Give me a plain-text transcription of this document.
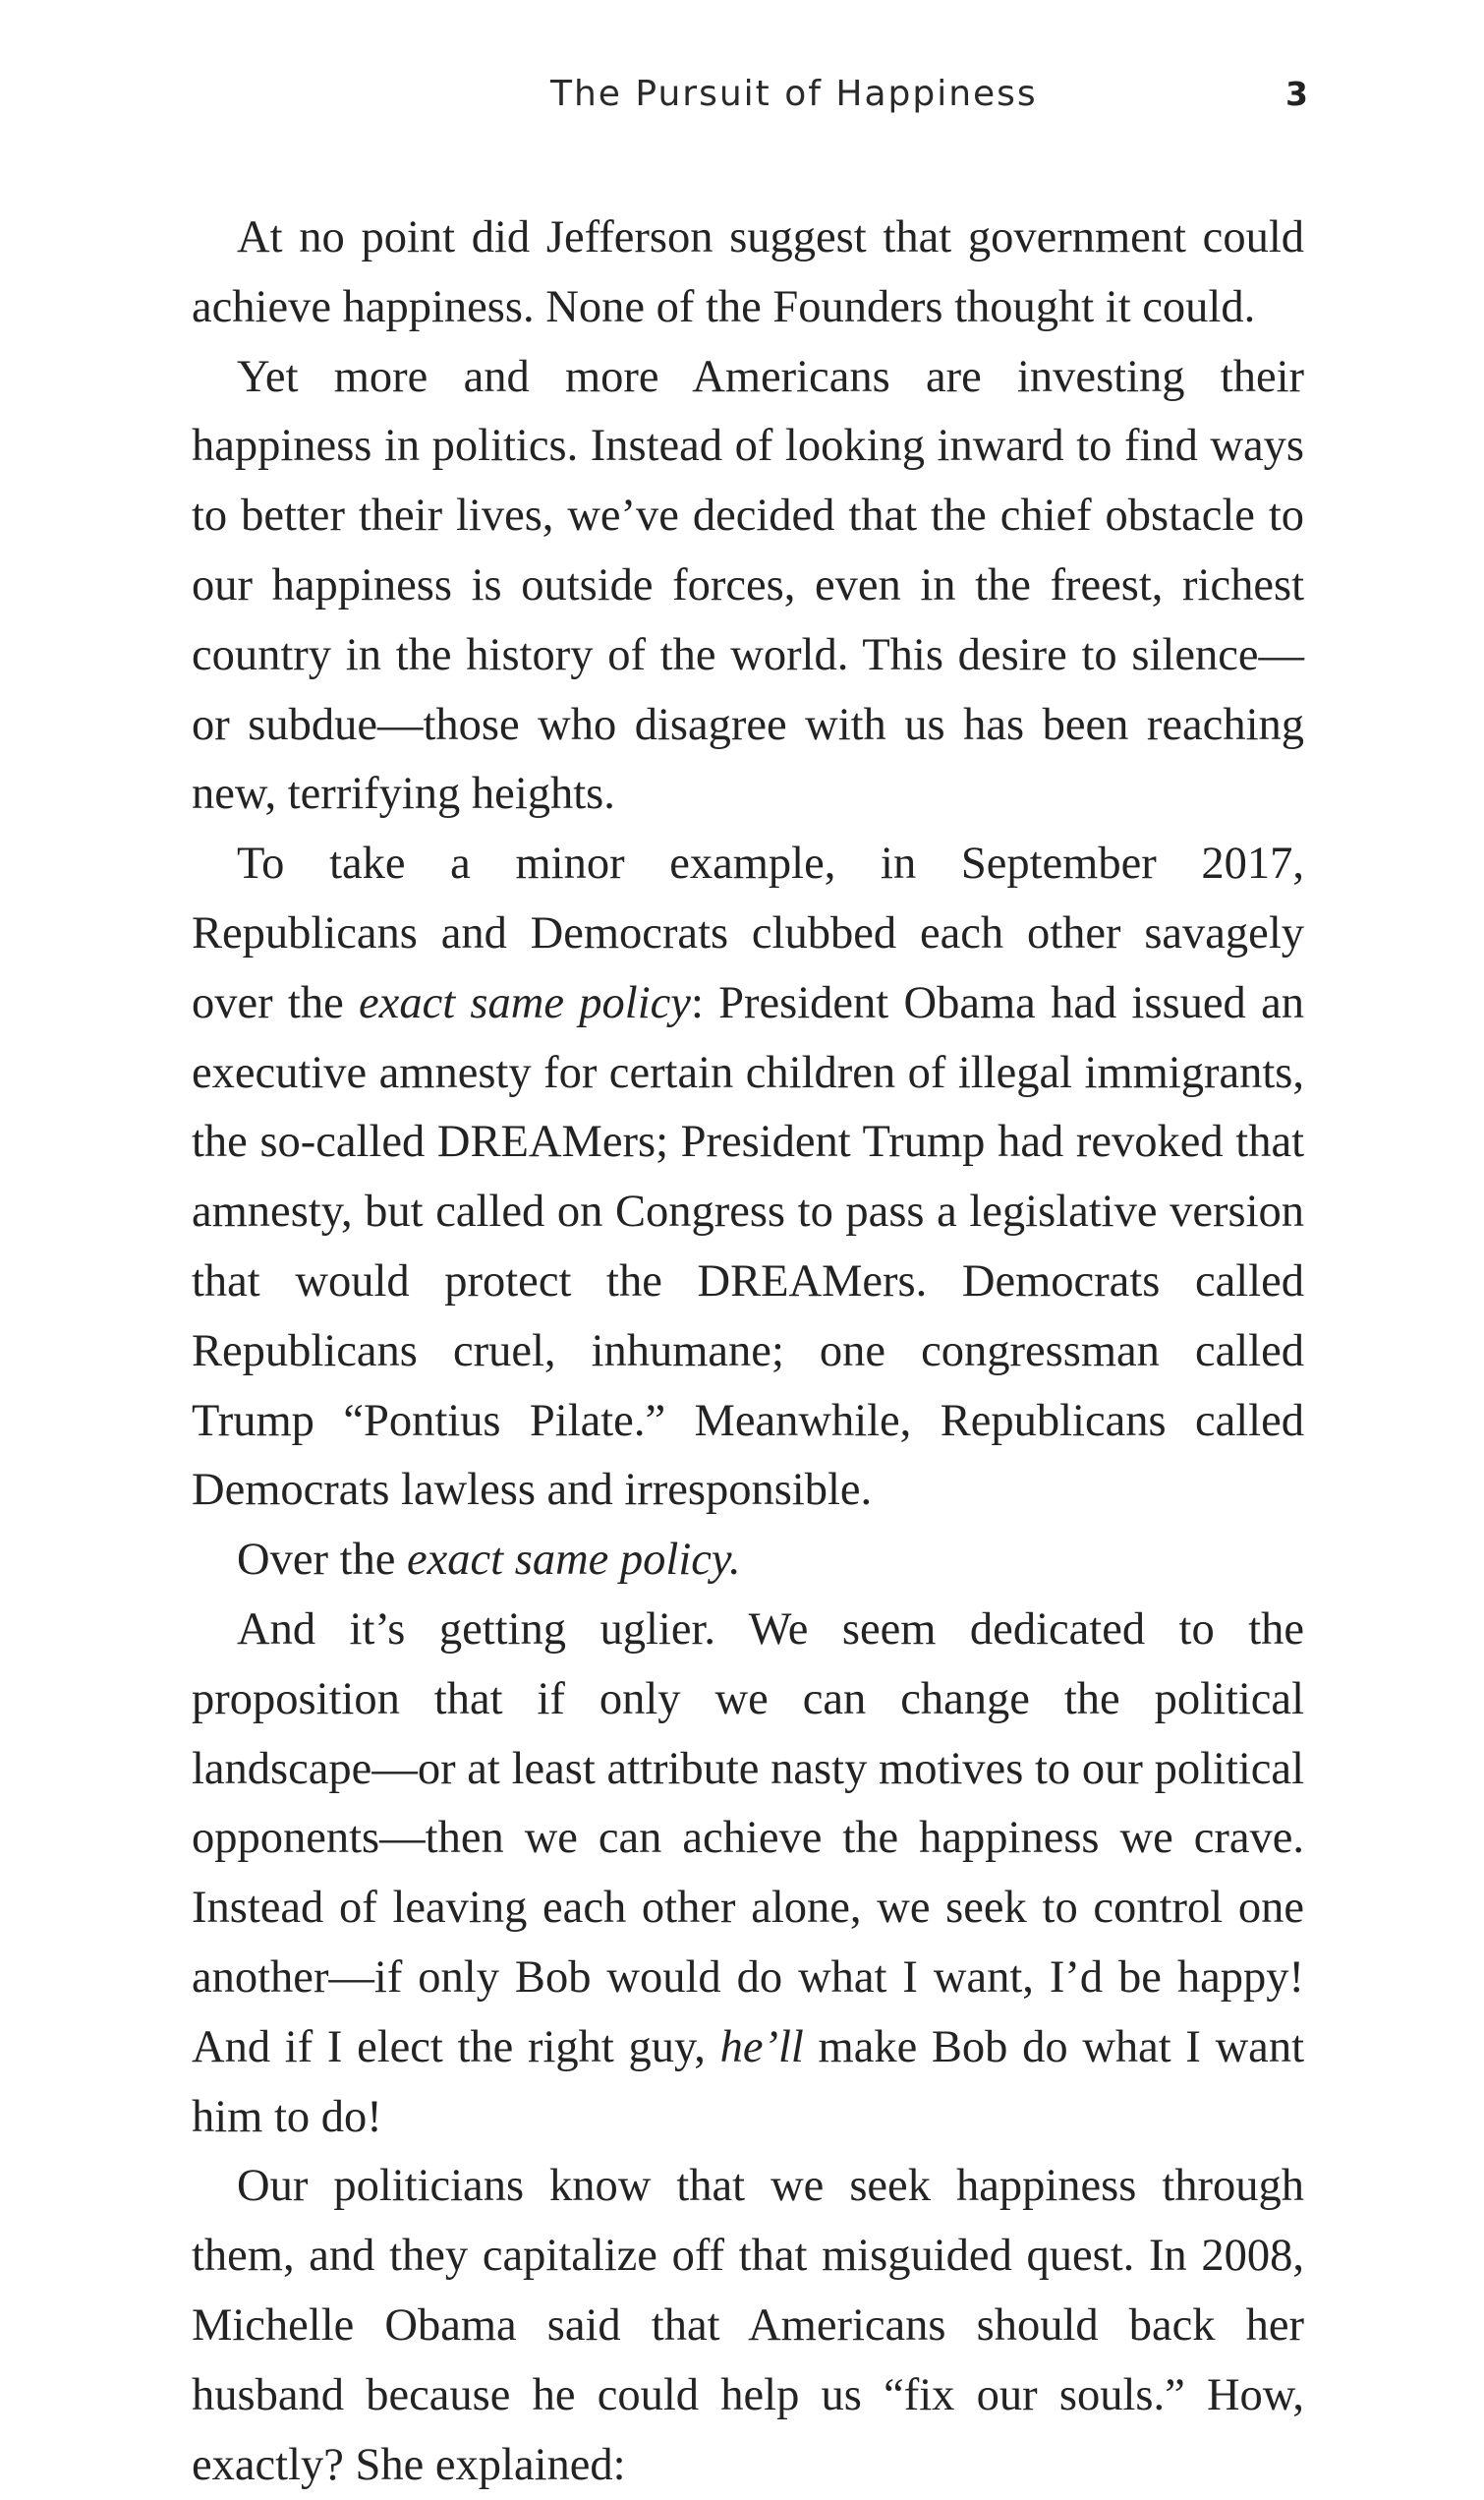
The Pursuit of Happiness	3

At no point did Jefferson suggest that government could achieve happiness. None of the Founders thought it could.

Yet more and more Americans are investing their happiness in politics. Instead of looking inward to find ways to better their lives, we’ve decided that the chief obstacle to our happiness is outside forces, even in the freest, richest country in the history of the world. This desire to silence—or subdue—those who disagree with us has been reaching new, terrifying heights.

To take a minor example, in September 2017, Republicans and Democrats clubbed each other savagely over the exact same policy: President Obama had issued an executive amnesty for certain children of illegal immigrants, the so-called DREAMers; President Trump had revoked that amnesty, but called on Congress to pass a legislative version that would protect the DREAMers. Democrats called Republicans cruel, inhumane; one congressman called Trump “Pontius Pilate.” Meanwhile, Republicans called Democrats lawless and irresponsible.

Over the exact same policy.

And it’s getting uglier. We seem dedicated to the proposition that if only we can change the political landscape—or at least attribute nasty motives to our political opponents—then we can achieve the happiness we crave. Instead of leaving each other alone, we seek to control one another—if only Bob would do what I want, I’d be happy! And if I elect the right guy, he’ll make Bob do what I want him to do!

Our politicians know that we seek happiness through them, and they capitalize off that misguided quest. In 2008, Michelle Obama said that Americans should back her husband because he could help us “fix our souls.” How, exactly? She explained:
